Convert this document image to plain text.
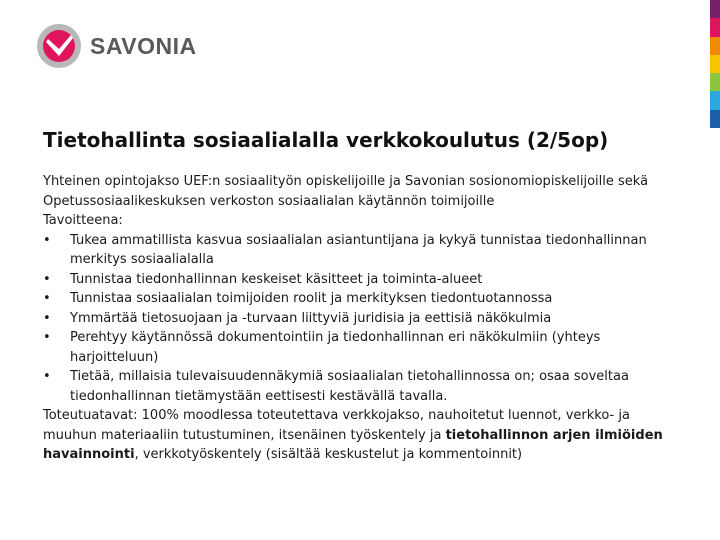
SAVONIA
Tietohallinta sosiaalialalla verkkokoulutus (2/5op)

Yhteinen opintojakso UEF:n sosiaalityön opiskelijoille ja Savonian sosionomiopiskelijoille sekä Opetussosiaalikeskuksen verkoston sosiaalialan käytännön toimijoille

Tavoitteena:

• Tukea ammatillista kasvua sosiaalialan asiantuntijana ja kykyä tunnistaa tiedonhallinnan merkitys sosiaalialalla
• Tunnistaa tiedonhallinnan keskeiset käsitteet ja toiminta-alueet
• Tunnistaa sosiaalialan toimijoiden roolit ja merkityksen tiedontuotannossa
• Ymmärtää tietosuojaan ja -turvaan liittyviä juridisia ja eettisiä näkökulmia
• Perehtyy käytännössä dokumentointiin ja tiedonhallinnan eri näkökulmiin (yhteys harjoitteluun)
• Tietää, millaisia tulevaisuudennäkymiä sosiaalialan tietohallinnossa on; osaa soveltaa tiedonhallinnan tietämystään eettisesti kestävällä tavalla.

Toteutuatavat: 100% moodlessa toteutettava verkkojakso, nauhoitetut luennot, verkko- ja muuhun materiaaliin tutustuminen, itsenäinen työskentely ja tietohallinnon arjen ilmiöiden havainnointi, verkkotyöskentely (sisältää keskustelut ja kommentoinnit)
